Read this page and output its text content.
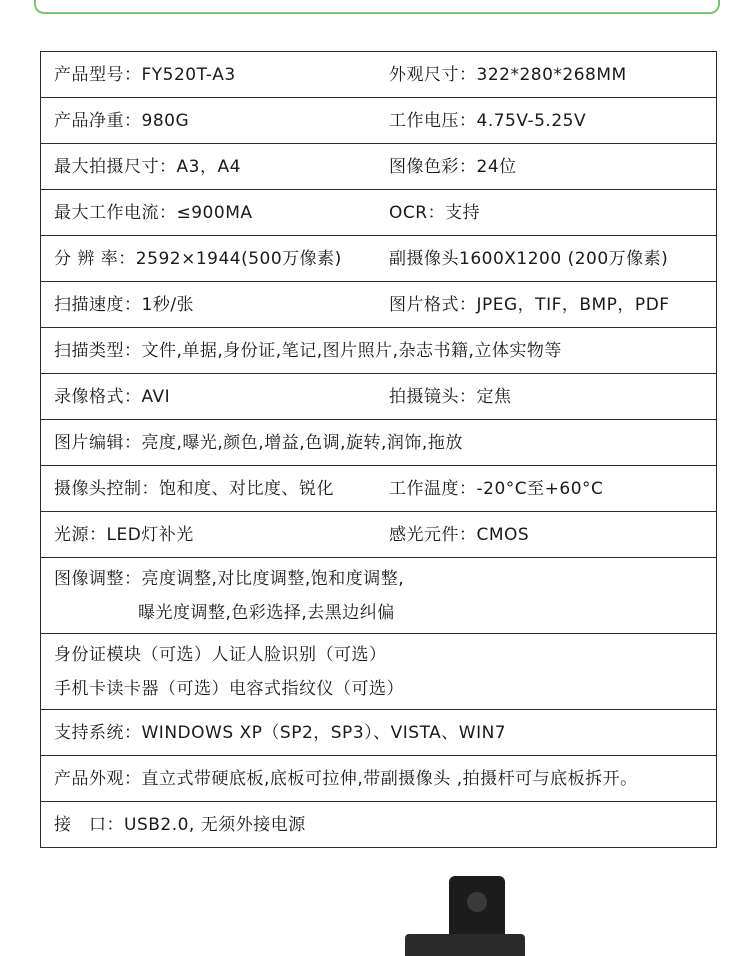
产品型号：FY520T-A3	外观尺寸：322*280*268MM
产品净重：980G	工作电压：4.75V-5.25V
最大拍摄尺寸：A3，A4	图像色彩：24位
最大工作电流：≤900MA	OCR：支持
分 辨 率：2592×1944(500万像素)	副摄像头1600X1200 (200万像素)
扫描速度：1秒/张	图片格式：JPEG，TIF，BMP，PDF
扫描类型：文件,单据,身份证,笔记,图片照片,杂志书籍,立体实物等
录像格式：AVI	拍摄镜头：定焦
图片编辑：亮度,曝光,颜色,增益,色调,旋转,润饰,拖放
摄像头控制：饱和度、对比度、锐化	工作温度：-20°C至+60°C
光源：LED灯补光	感光元件：CMOS

图像调整：亮度调整,对比度调整,饱和度调整,
曝光度调整,色彩选择,去黑边纠偏

身份证模块（可选）人证人脸识别（可选）
手机卡读卡器（可选）电容式指纹仪（可选）

支持系统：WINDOWS XP（SP2，SP3）、VISTA、WIN7
产品外观：直立式带硬底板,底板可拉伸,带副摄像头 ,拍摄杆可与底板拆开。
接　口：USB2.0, 无须外接电源
